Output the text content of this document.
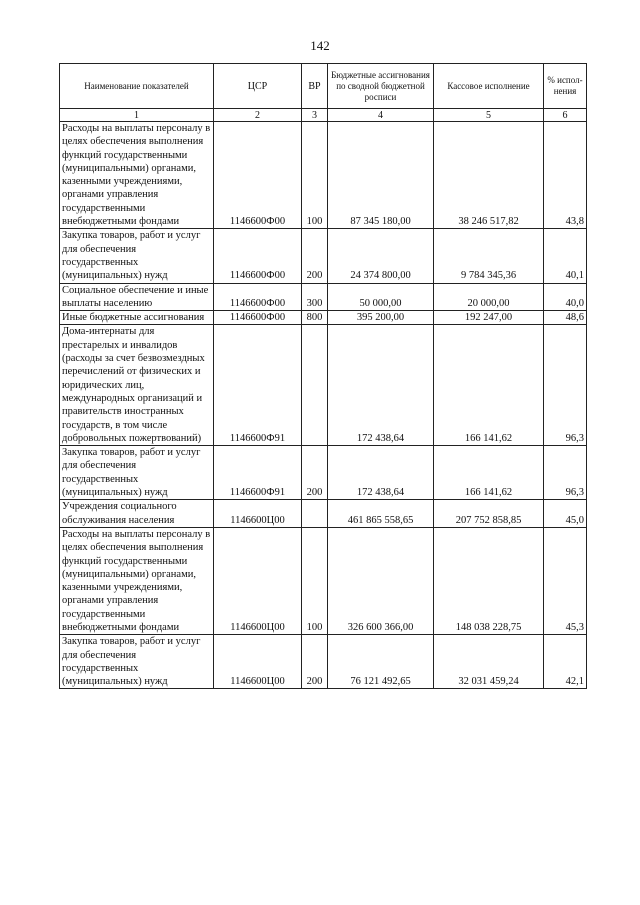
142
Наименование показателей	ЦСР	ВР	Бюджетные ассигнования по сводной бюджетной росписи	Кассовое исполнение	% испол-нения
1	2	3	4	5	6
Расходы на выплаты персоналу в целях обеспечения выполнения функций государственными (муниципальными) органами, казенными учреждениями, органами управления государственными внебюджетными фондами	1146600Ф00	100	87 345 180,00	38 246 517,82	43,8
Закупка товаров, работ и услуг для обеспечения государственных (муниципальных) нужд	1146600Ф00	200	24 374 800,00	9 784 345,36	40,1
Социальное обеспечение и иные выплаты населению	1146600Ф00	300	50 000,00	20 000,00	40,0
Иные бюджетные ассигнования	1146600Ф00	800	395 200,00	192 247,00	48,6
Дома-интернаты для престарелых и инвалидов (расходы за счет безвозмездных перечислений от физических и юридических лиц, международных организаций и правительств иностранных государств, в том числе добровольных пожертвований)	1146600Ф91		172 438,64	166 141,62	96,3
Закупка товаров, работ и услуг для обеспечения государственных (муниципальных) нужд	1146600Ф91	200	172 438,64	166 141,62	96,3
Учреждения социального обслуживания населения	1146600Ц00		461 865 558,65	207 752 858,85	45,0
Расходы на выплаты персоналу в целях обеспечения выполнения функций государственными (муниципальными) органами, казенными учреждениями, органами управления государственными внебюджетными фондами	1146600Ц00	100	326 600 366,00	148 038 228,75	45,3
Закупка товаров, работ и услуг для обеспечения государственных (муниципальных) нужд	1146600Ц00	200	76 121 492,65	32 031 459,24	42,1
